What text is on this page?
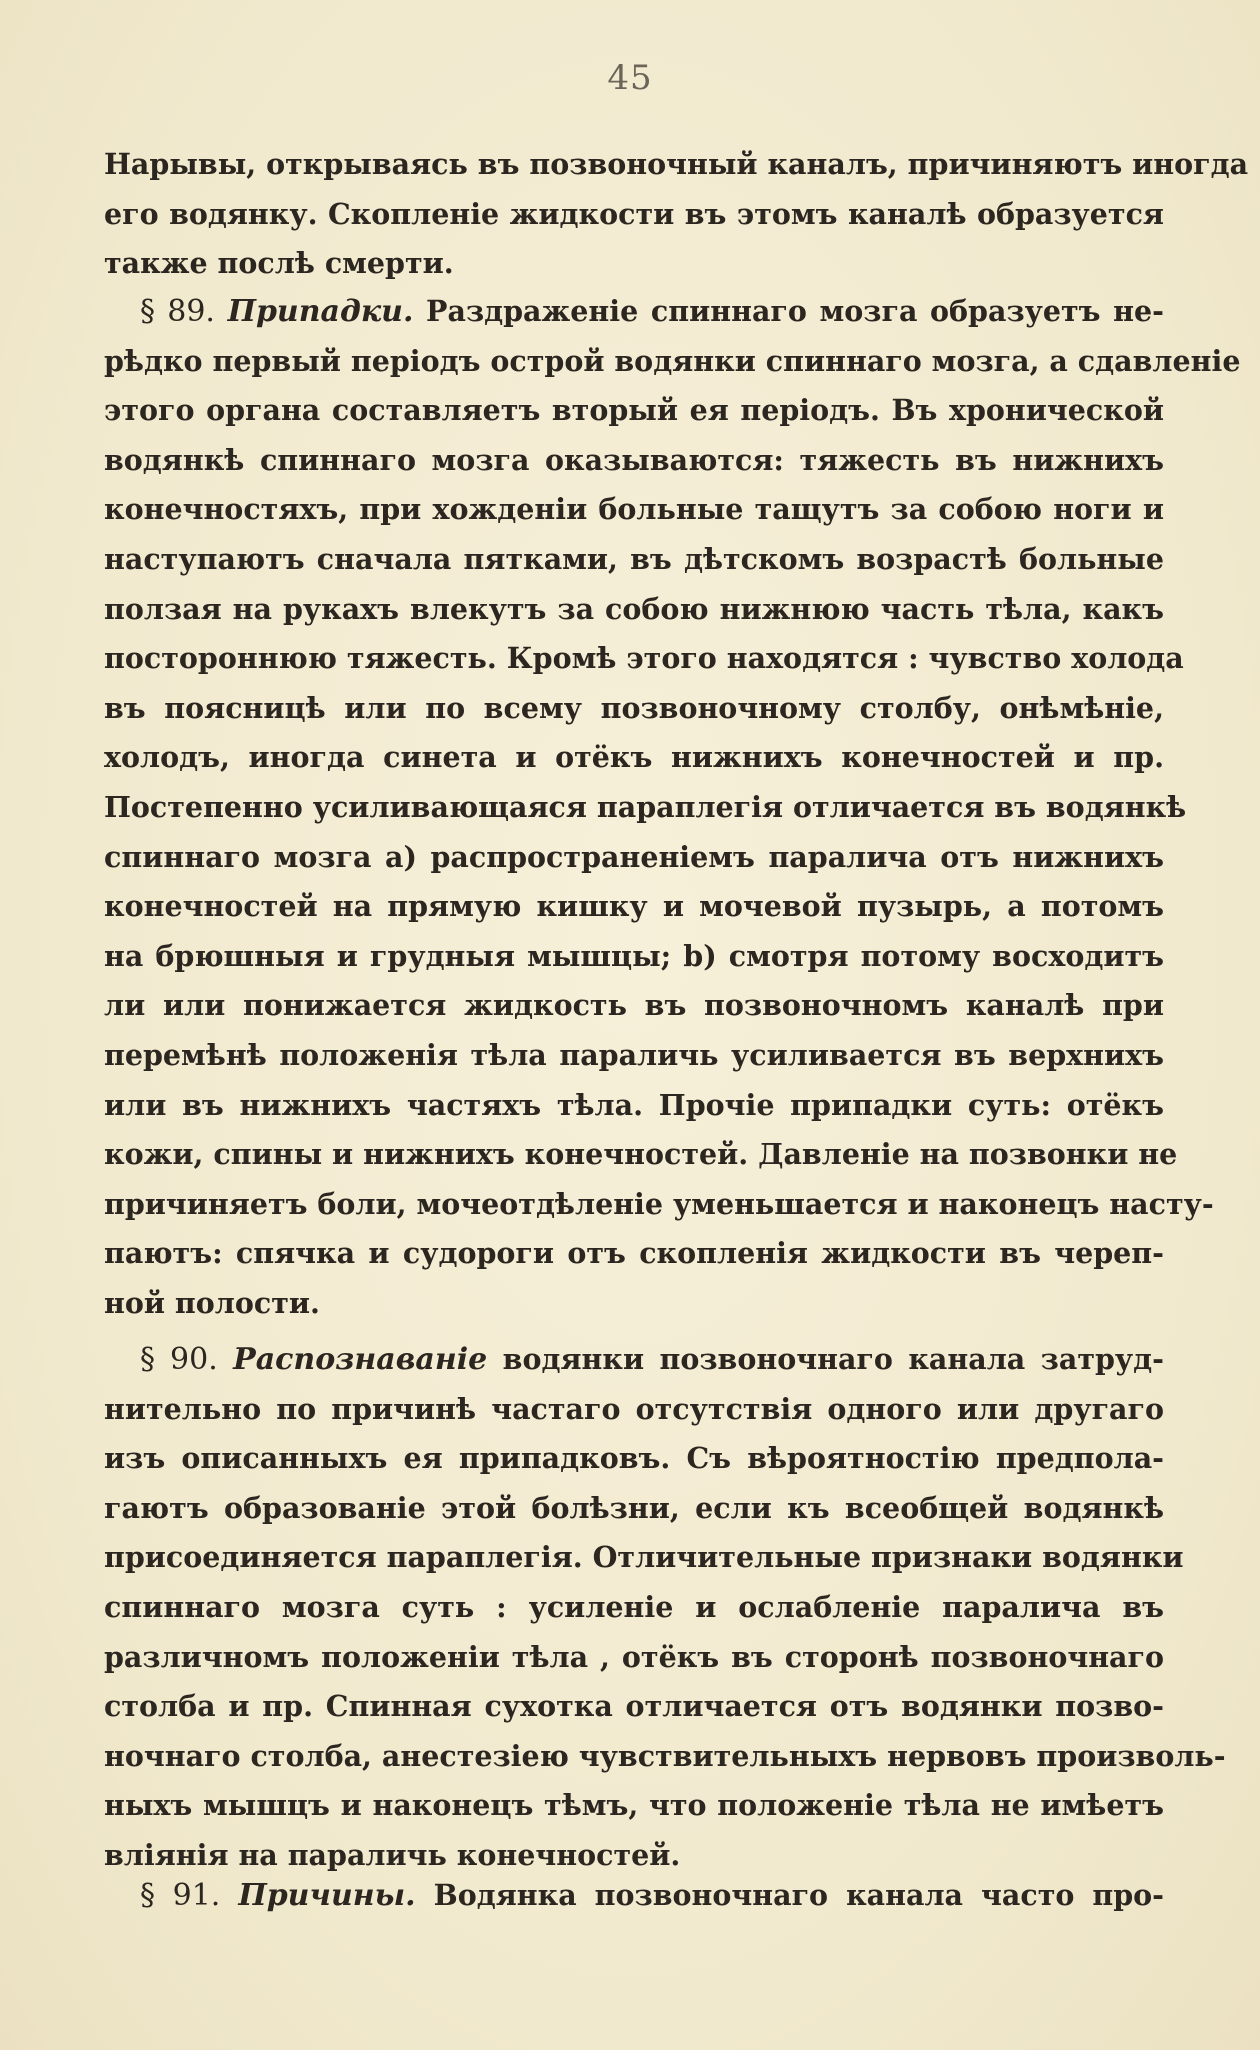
45
Нарывы, открываясь въ позвоночный каналъ, причиняютъ иногда
его водянку. Скопленіе жидкости въ этомъ каналѣ образуется
также послѣ смерти.
§ 89. Припадки. Раздраженіе спиннаго мозга образуетъ не-
рѣдко первый періодъ острой водянки спиннаго мозга, а сдавленіе
этого органа составляетъ вторый ея періодъ. Въ хронической
водянкѣ спиннаго мозга оказываются: тяжесть въ нижнихъ
конечностяхъ, при хожденіи больные тащутъ за собою ноги и
наступаютъ сначала пятками, въ дѣтскомъ возрастѣ больные
ползая на рукахъ влекутъ за собою нижнюю часть тѣла, какъ
постороннюю тяжесть. Кромѣ этого находятся : чувство холода
въ поясницѣ или по всему позвоночному столбу, онѣмѣніе,
холодъ, иногда синета и отёкъ нижнихъ конечностей и пр.
Постепенно усиливающаяся параплегія отличается въ водянкѣ
спиннаго мозга а) распространеніемъ паралича отъ нижнихъ
конечностей на прямую кишку и мочевой пузырь, а потомъ
на брюшныя и грудныя мышцы; b) смотря потому восходитъ
ли или понижается жидкость въ позвоночномъ каналѣ при
перемѣнѣ положенія тѣла параличь усиливается въ верхнихъ
или въ нижнихъ частяхъ тѣла. Прочіе припадки суть: отёкъ
кожи, спины и нижнихъ конечностей. Давленіе на позвонки не
причиняетъ боли, мочеотдѣленіе уменьшается и наконецъ насту-
паютъ: спячка и судороги отъ скопленія жидкости въ череп-
ной полости.
§ 90. Распознаваніе водянки позвоночнаго канала затруд-
нительно по причинѣ частаго отсутствія одного или другаго
изъ описанныхъ ея припадковъ. Съ вѣроятностію предпола-
гаютъ образованіе этой болѣзни, если къ всеобщей водянкѣ
присоединяется параплегія. Отличительные признаки водянки
спиннаго мозга суть : усиленіе и ослабленіе паралича въ
различномъ положеніи тѣла , отёкъ въ сторонѣ позвоночнаго
столба и пр. Спинная сухотка отличается отъ водянки позво-
ночнаго столба, анестезіею чувствительныхъ нервовъ произволь-
ныхъ мышцъ и наконецъ тѣмъ, что положеніе тѣла не имѣетъ
вліянія на параличь конечностей.
§ 91. Причины. Водянка позвоночнаго канала часто про-
